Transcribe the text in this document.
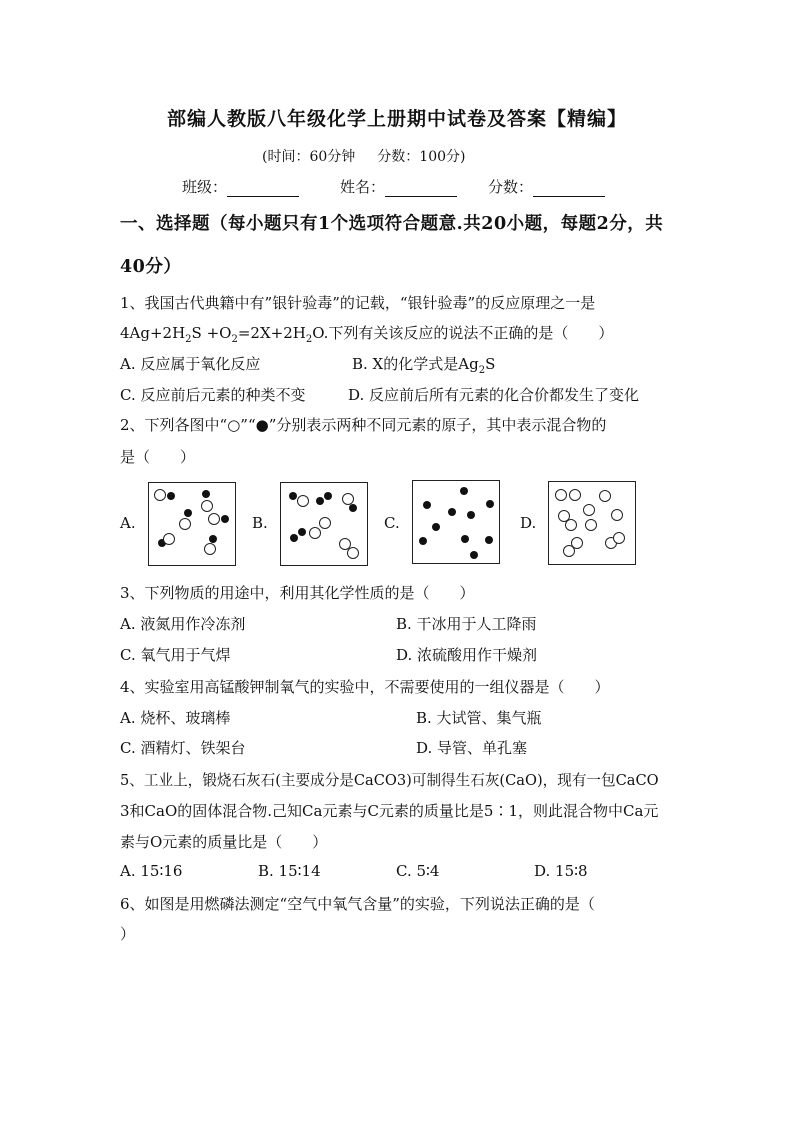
部编人教版八年级化学上册期中试卷及答案【精编】
(时间：60分钟 分数：100分)
班级：	姓名：	分数：
一、选择题（每小题只有1个选项符合题意.共20小题，每题2分，共
40分）
1、我国古代典籍中有”银针验毒”的记载，“银针验毒”的反应原理之一是
$4Ag+2H_2S +O_2=2X+2H_2O$.下列有关该反应的说法不正确的是（　　）
A. 反应属于氧化反应	B. X的化学式是$Ag_2S$
C. 反应前后元素的种类不变	D. 反应前后所有元素的化合价都发生了变化
2、下列各图中“○”“●”分别表示两种不同元素的原子，其中表示混合物的
是（　　）
A.	B.	C.	D.
3、下列物质的用途中，利用其化学性质的是（　　）
A. 液氮用作冷冻剂	B. 干冰用于人工降雨
C. 氧气用于气焊	D. 浓硫酸用作干燥剂
4、实验室用高锰酸钾制氧气的实验中，不需要使用的一组仪器是（　　）
A. 烧杯、玻璃棒	B. 大试管、集气瓶
C. 酒精灯、铁架台	D. 导管、单孔塞
5、工业上，锻烧石灰石(主要成分是CaCO3)可制得生石灰(CaO)，现有一包CaCO
3和CaO的固体混合物.己知Ca元素与C元素的质量比是5∶1，则此混合物中Ca元
素与O元素的质量比是（　　）
A. 15∶16	B. 15∶14	C. 5∶4	D. 15∶8
6、如图是用燃磷法测定“空气中氧气含量”的实验，下列说法正确的是（
）
